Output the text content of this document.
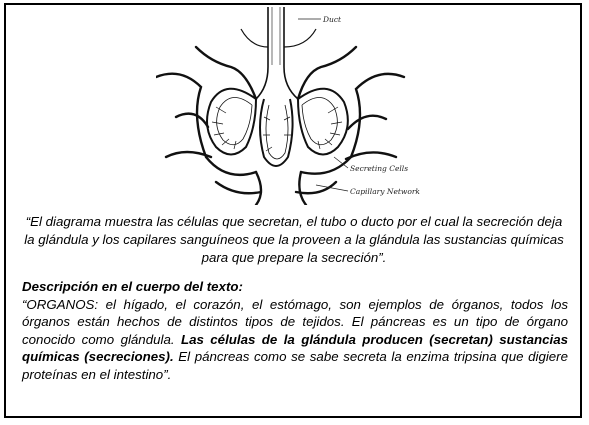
Duct
Secreting Cells
Capillary Network
“El diagrama muestra las células que secretan, el tubo o ducto por el cual la secreción deja la glándula y los capilares sanguíneos que la proveen a la glándula las sustancias químicas para que prepare la secreción”.
Descripción en el cuerpo del texto:
“ORGANOS: el hígado, el corazón, el estómago, son ejemplos de órganos, todos los órganos están hechos de distintos tipos de tejidos. El páncreas es un tipo de órgano conocido como glándula. Las células de la glándula producen (secretan) sustancias químicas (secreciones). El páncreas como se sabe secreta la enzima tripsina que digiere proteínas en el intestino”.
